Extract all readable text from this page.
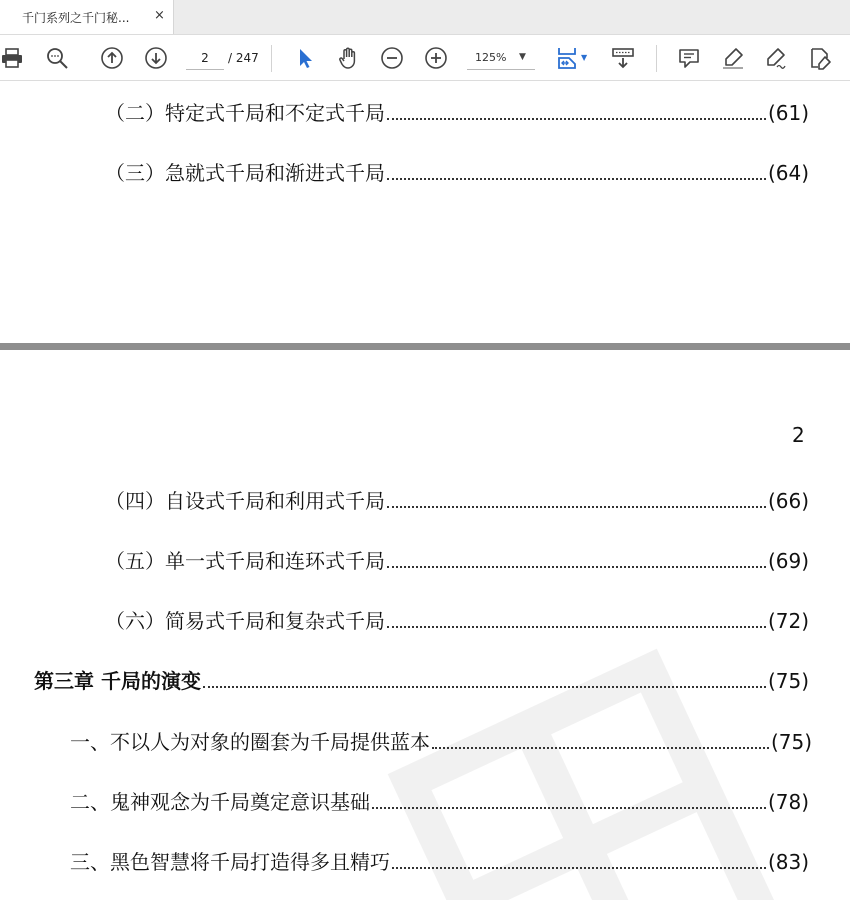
千门系列之千门秘... ×
2
/ 247	125% ▼	▼
（二）特定式千局和不定式千局	(61)
（三）急就式千局和渐进式千局	(64)
2
（四）自设式千局和利用式千局	(66)
（五）单一式千局和连环式千局	(69)
（六）简易式千局和复杂式千局	(72)
第三章 千局的演变	(75)
一、不以人为对象的圈套为千局提供蓝本	(75)
二、鬼神观念为千局奠定意识基础	(78)
三、黑色智慧将千局打造得多且精巧	(83)
